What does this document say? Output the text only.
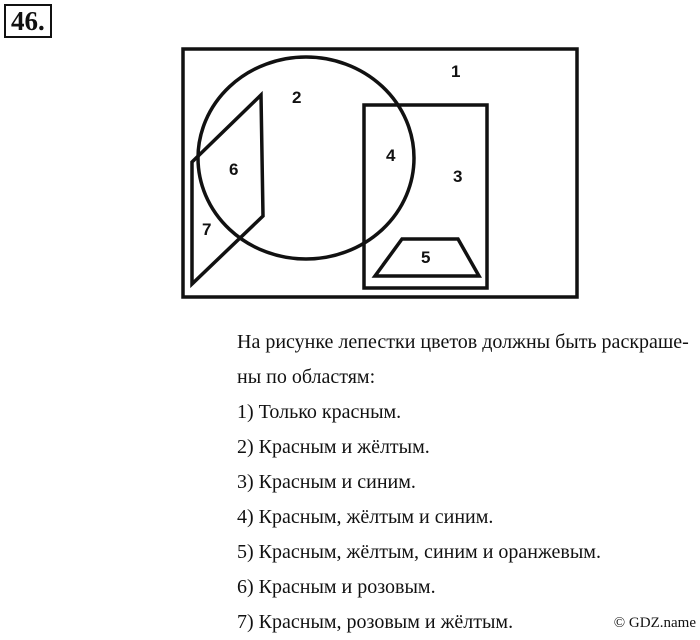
46.
1
2
3
4
5
6
7
На рисунке лепестки цветов должны быть раскраше-
ны по областям:
1) Только красным.
2) Красным и жёлтым.
3) Красным и синим.
4) Красным, жёлтым и синим.
5) Красным, жёлтым, синим и оранжевым.
6) Красным и розовым.
7) Красным, розовым и жёлтым.	© GDZ.name
